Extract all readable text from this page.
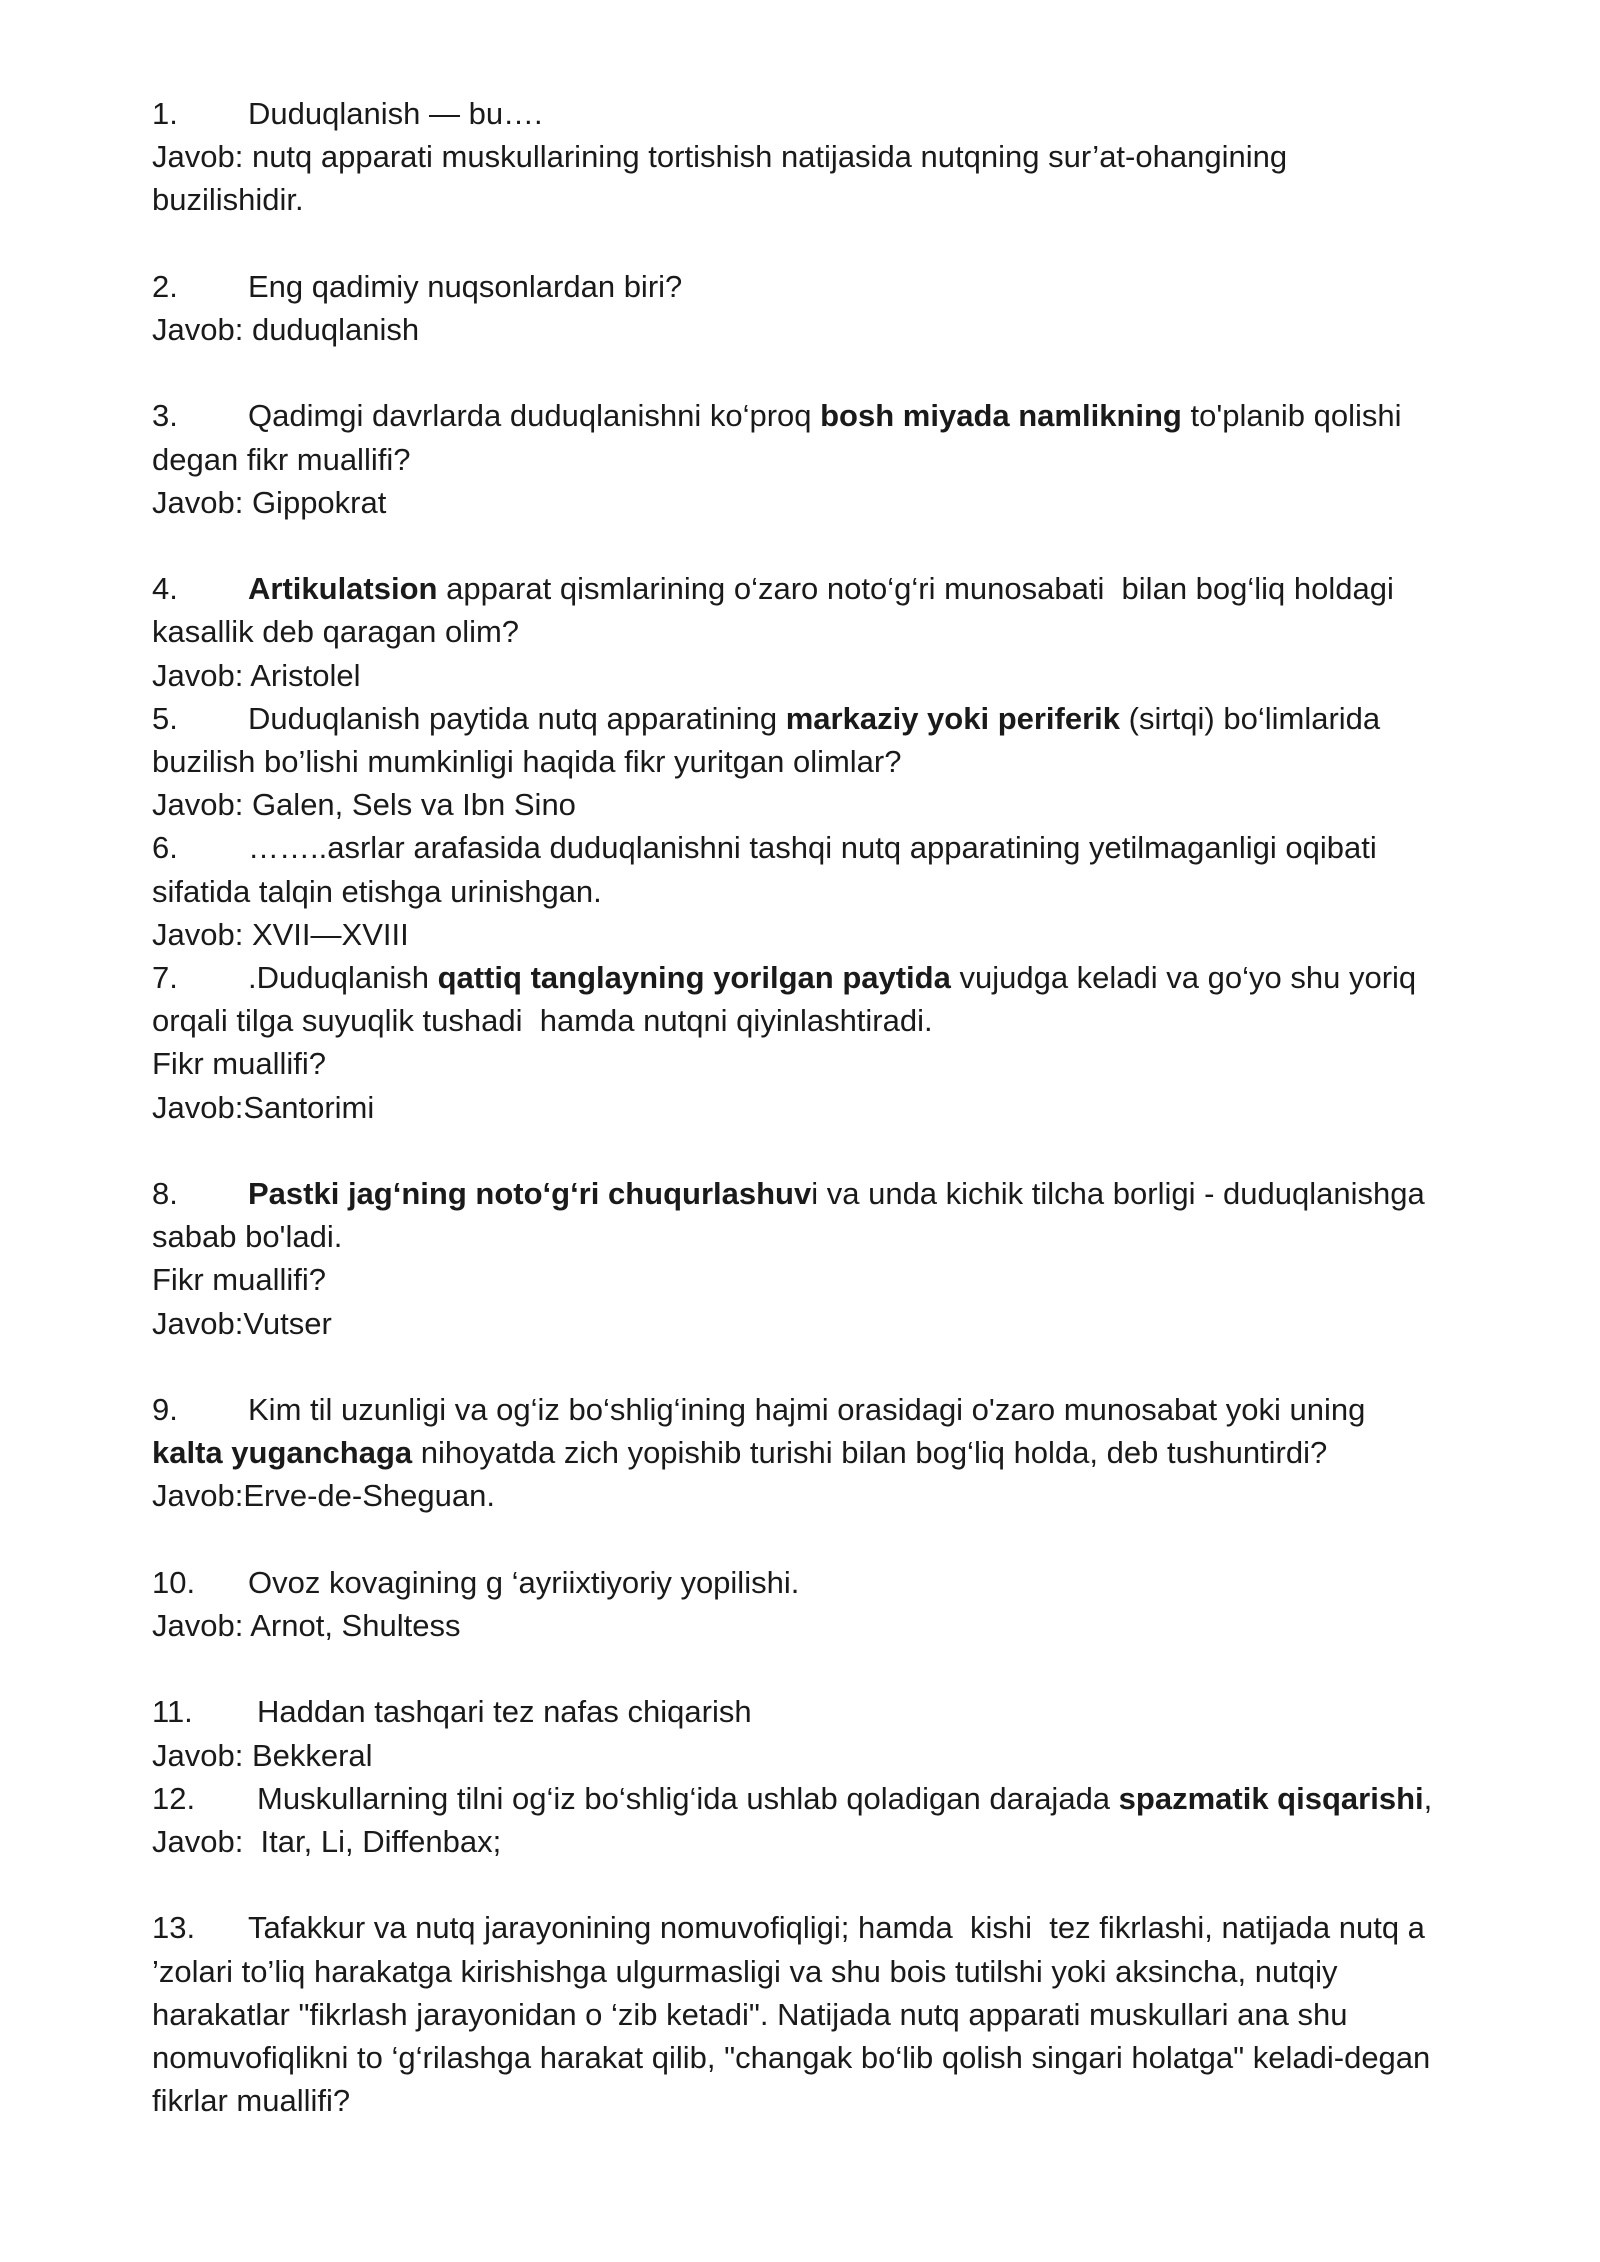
1. Duduqlanish — bu….

Javob: nutq apparati muskullarining tortishish natijasida nutqning sur’at-ohangining

buzilishidir.

2. Eng qadimiy nuqsonlardan biri?

Javob: duduqlanish

3. Qadimgi davrlarda duduqlanishni ko‘proq bosh miyada namlikning to'planib qolishi

degan fikr muallifi?

Javob: Gippokrat

4. Artikulatsion apparat qismlarining o‘zaro noto‘g‘ri munosabati  bilan bog‘liq holdagi

kasallik deb qaragan olim?

Javob: Aristolel

5. Duduqlanish paytida nutq apparatining markaziy yoki periferik (sirtqi) bo‘limlarida

buzilish bo’lishi mumkinligi haqida fikr yuritgan olimlar?

Javob: Galen, Sels va Ibn Sino

6. ……..asrlar arafasida duduqlanishni tashqi nutq apparatining yetilmaganligi oqibati

sifatida talqin etishga urinishgan.

Javob: XVII—XVIII

7. .Duduqlanish qattiq tanglayning yorilgan paytida vujudga keladi va go‘yo shu yoriq

orqali tilga suyuqlik tushadi  hamda nutqni qiyinlashtiradi.

Fikr muallifi?

Javob:Santorimi

8. Pastki jag‘ning noto‘g‘ri chuqurlashuvi va unda kichik tilcha borligi - duduqlanishga

sabab bo'ladi.

Fikr muallifi?

Javob:Vutser

9. Kim til uzunligi va og‘iz bo‘shlig‘ining hajmi orasidagi o'zaro munosabat yoki uning

kalta yuganchaga nihoyatda zich yopishib turishi bilan bog‘liq holda, deb tushuntirdi?

Javob:Erve-de-Sheguan.

10. Ovoz kovagining g ‘ayriixtiyoriy yopilishi.

Javob: Arnot, Shultess

11. Haddan tashqari tez nafas chiqarish

Javob: Bekkeral

12. Muskullarning tilni og‘iz bo‘shlig‘ida ushlab qoladigan darajada spazmatik qisqarishi,

Javob:  Itar, Li, Diffenbax;

13. Tafakkur va nutq jarayonining nomuvofiqligi; hamda  kishi  tez fikrlashi, natijada nutq a

’zolari to’liq harakatga kirishishga ulgurmasligi va shu bois tutilshi yoki aksincha, nutqiy

harakatlar "fikrlash jarayonidan o ‘zib ketadi". Natijada nutq apparati muskullari ana shu

nomuvofiqlikni to ‘g‘rilashga harakat qilib, "changak bo‘lib qolish singari holatga" keladi-degan

fikrlar muallifi?
